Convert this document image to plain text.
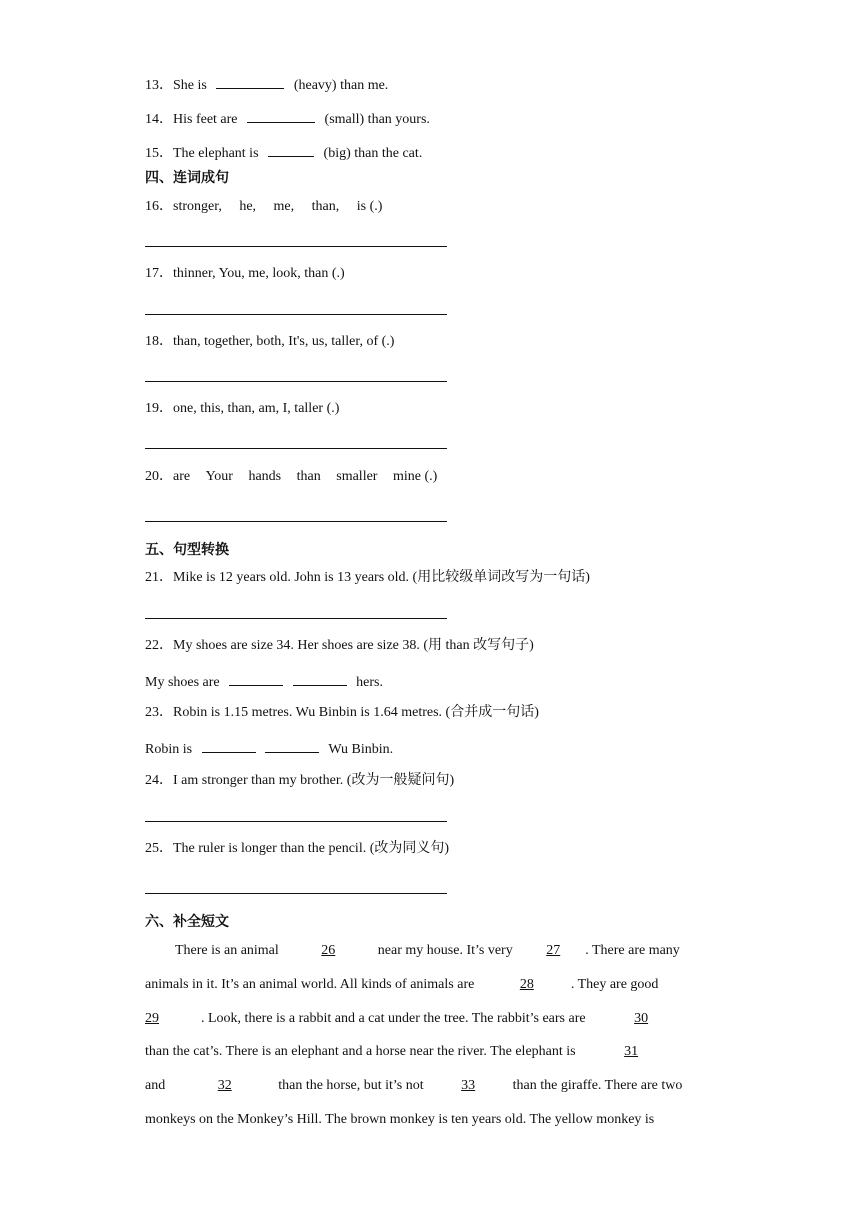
13．She is	(heavy) than me.
14．His feet are	(small) than yours.
15．The elephant is	(big) than the cat.
四、连词成句
16．stronger, he, me, than, is (.)
17．thinner, You, me, look, than (.)
18．than, together, both, It's, us, taller, of (.)
19．one, this, than, am, I, taller (.)
20．are Your hands than smaller mine (.)
五、句型转换
21．Mike is 12 years old. John is 13 years old. (用比较级单词改写为一句话)
22．My shoes are size 34. Her shoes are size 38. (用 than 改写句子)
My shoes are	hers.
23．Robin is 1.15 metres. Wu Binbin is 1.64 metres. (合并成一句话)
Robin is	Wu Binbin.
24．I am stronger than my brother. (改为一般疑问句)
25．The ruler is longer than the pencil. (改为同义句)
六、补全短文
There is an animal	26	near my house. It’s very 27 . There are many
animals in it. It’s an animal world. All kinds of animals are	28	. They are good
29	. Look, there is a rabbit and a cat under the tree. The rabbit’s ears are	30
than the cat’s. There is an elephant and a horse near the river. The elephant is	31
and	32	than the horse, but it’s not	33	than the giraffe. There are two
monkeys on the Monkey’s Hill. The brown monkey is ten years old. The yellow monkey is
